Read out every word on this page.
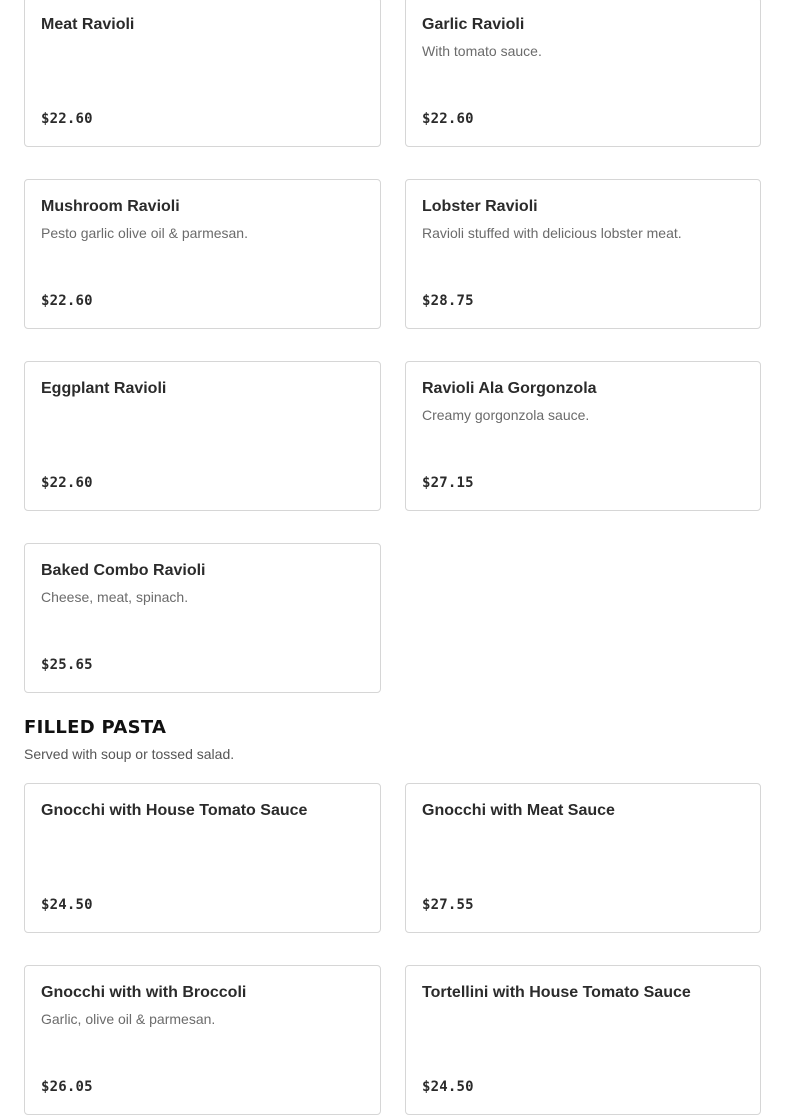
Meat Ravioli
$22.60
Garlic Ravioli
With tomato sauce.
$22.60
Mushroom Ravioli
Pesto garlic olive oil & parmesan.
$22.60
Lobster Ravioli
Ravioli stuffed with delicious lobster meat.
$28.75
Eggplant Ravioli
$22.60
Ravioli Ala Gorgonzola
Creamy gorgonzola sauce.
$27.15
Baked Combo Ravioli
Cheese, meat, spinach.
$25.65
FILLED PASTA
Served with soup or tossed salad.
Gnocchi with House Tomato Sauce
$24.50
Gnocchi with Meat Sauce
$27.55
Gnocchi with with Broccoli
Garlic, olive oil & parmesan.
$26.05
Tortellini with House Tomato Sauce
$24.50
